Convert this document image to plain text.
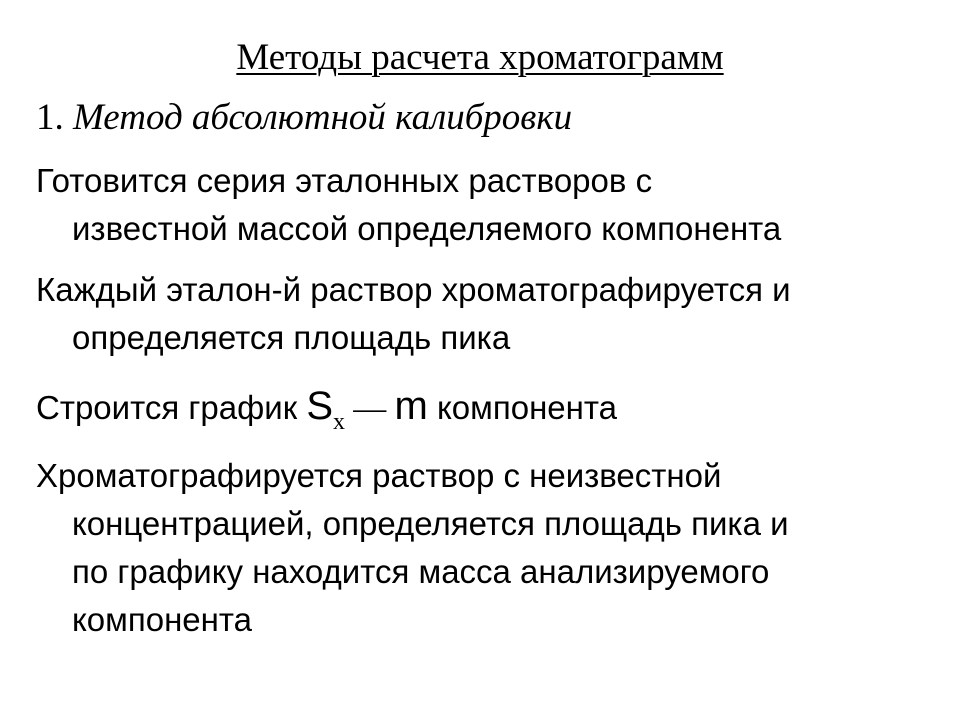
Методы расчета хроматограмм
1. Метод абсолютной калибровки
Готовится серия эталонных растворов с
известной массой определяемого компонента
Каждый эталон-й раствор хроматографируется и
определяется площадь пика
Строится график $S_x$ — m компонента
Хроматографируется раствор с неизвестной
концентрацией, определяется площадь пика и
по графику находится масса анализируемого
компонента
